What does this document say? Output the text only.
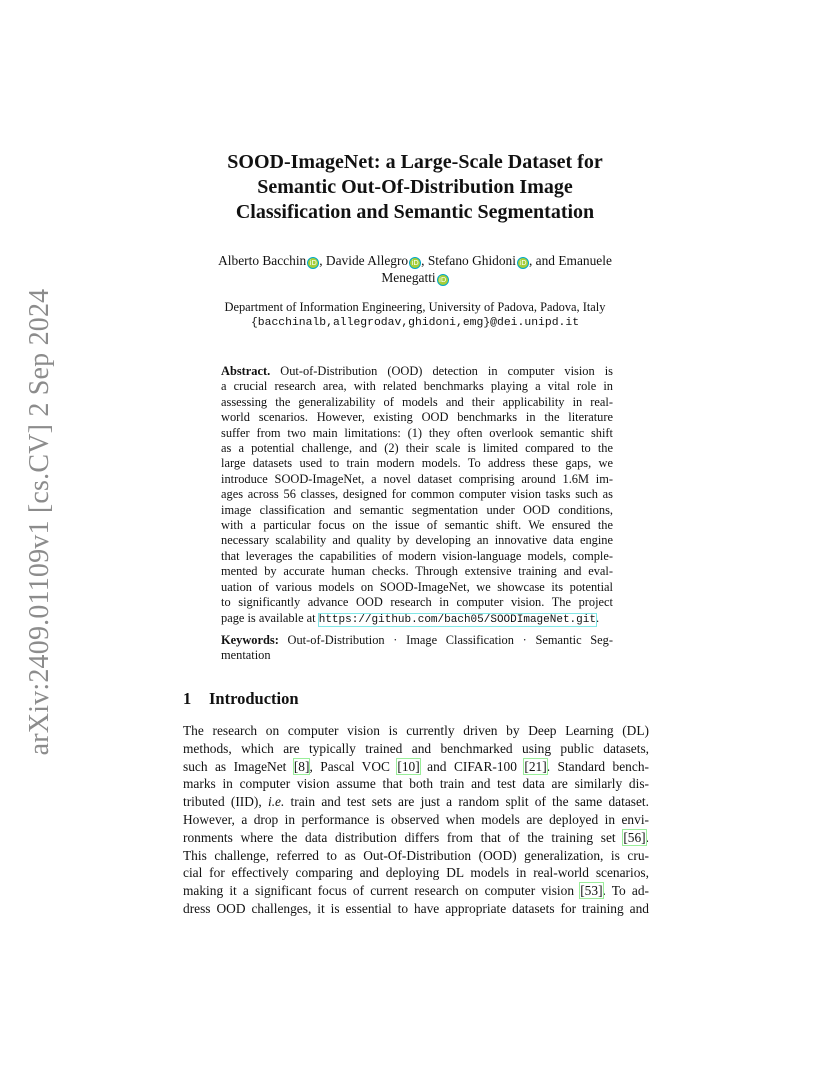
arXiv:2409.01109v1 [cs.CV] 2 Sep 2024
SOOD-ImageNet: a Large-Scale Dataset for
Semantic Out-Of-Distribution Image
Classification and Semantic Segmentation
Alberto Bacchin iD , Davide Allegro iD , Stefano Ghidoni iD , and Emanuele
Menegatti iD
Department of Information Engineering, University of Padova, Padova, Italy
{bacchinalb,allegrodav,ghidoni,emg}@dei.unipd.it
Abstract. Out-of-Distribution (OOD) detection in computer vision is
a crucial research area, with related benchmarks playing a vital role in
assessing the generalizability of models and their applicability in real-
world scenarios. However, existing OOD benchmarks in the literature
suffer from two main limitations: (1) they often overlook semantic shift
as a potential challenge, and (2) their scale is limited compared to the
large datasets used to train modern models. To address these gaps, we
introduce SOOD-ImageNet, a novel dataset comprising around 1.6M im-
ages across 56 classes, designed for common computer vision tasks such as
image classification and semantic segmentation under OOD conditions,
with a particular focus on the issue of semantic shift. We ensured the
necessary scalability and quality by developing an innovative data engine
that leverages the capabilities of modern vision-language models, comple-
mented by accurate human checks. Through extensive training and eval-
uation of various models on SOOD-ImageNet, we showcase its potential
to significantly advance OOD research in computer vision. The project
page is available at https://github.com/bach05/SOODImageNet.git.
Keywords: Out-of-Distribution · Image Classification · Semantic Seg-
mentation
1 Introduction
The research on computer vision is currently driven by Deep Learning (DL)
methods, which are typically trained and benchmarked using public datasets,
such as ImageNet [8], Pascal VOC [10] and CIFAR-100 [21]. Standard bench-
marks in computer vision assume that both train and test data are similarly dis-
tributed (IID), i.e. train and test sets are just a random split of the same dataset.
However, a drop in performance is observed when models are deployed in envi-
ronments where the data distribution differs from that of the training set [56].
This challenge, referred to as Out-Of-Distribution (OOD) generalization, is cru-
cial for effectively comparing and deploying DL models in real-world scenarios,
making it a significant focus of current research on computer vision [53]. To ad-
dress OOD challenges, it is essential to have appropriate datasets for training and
